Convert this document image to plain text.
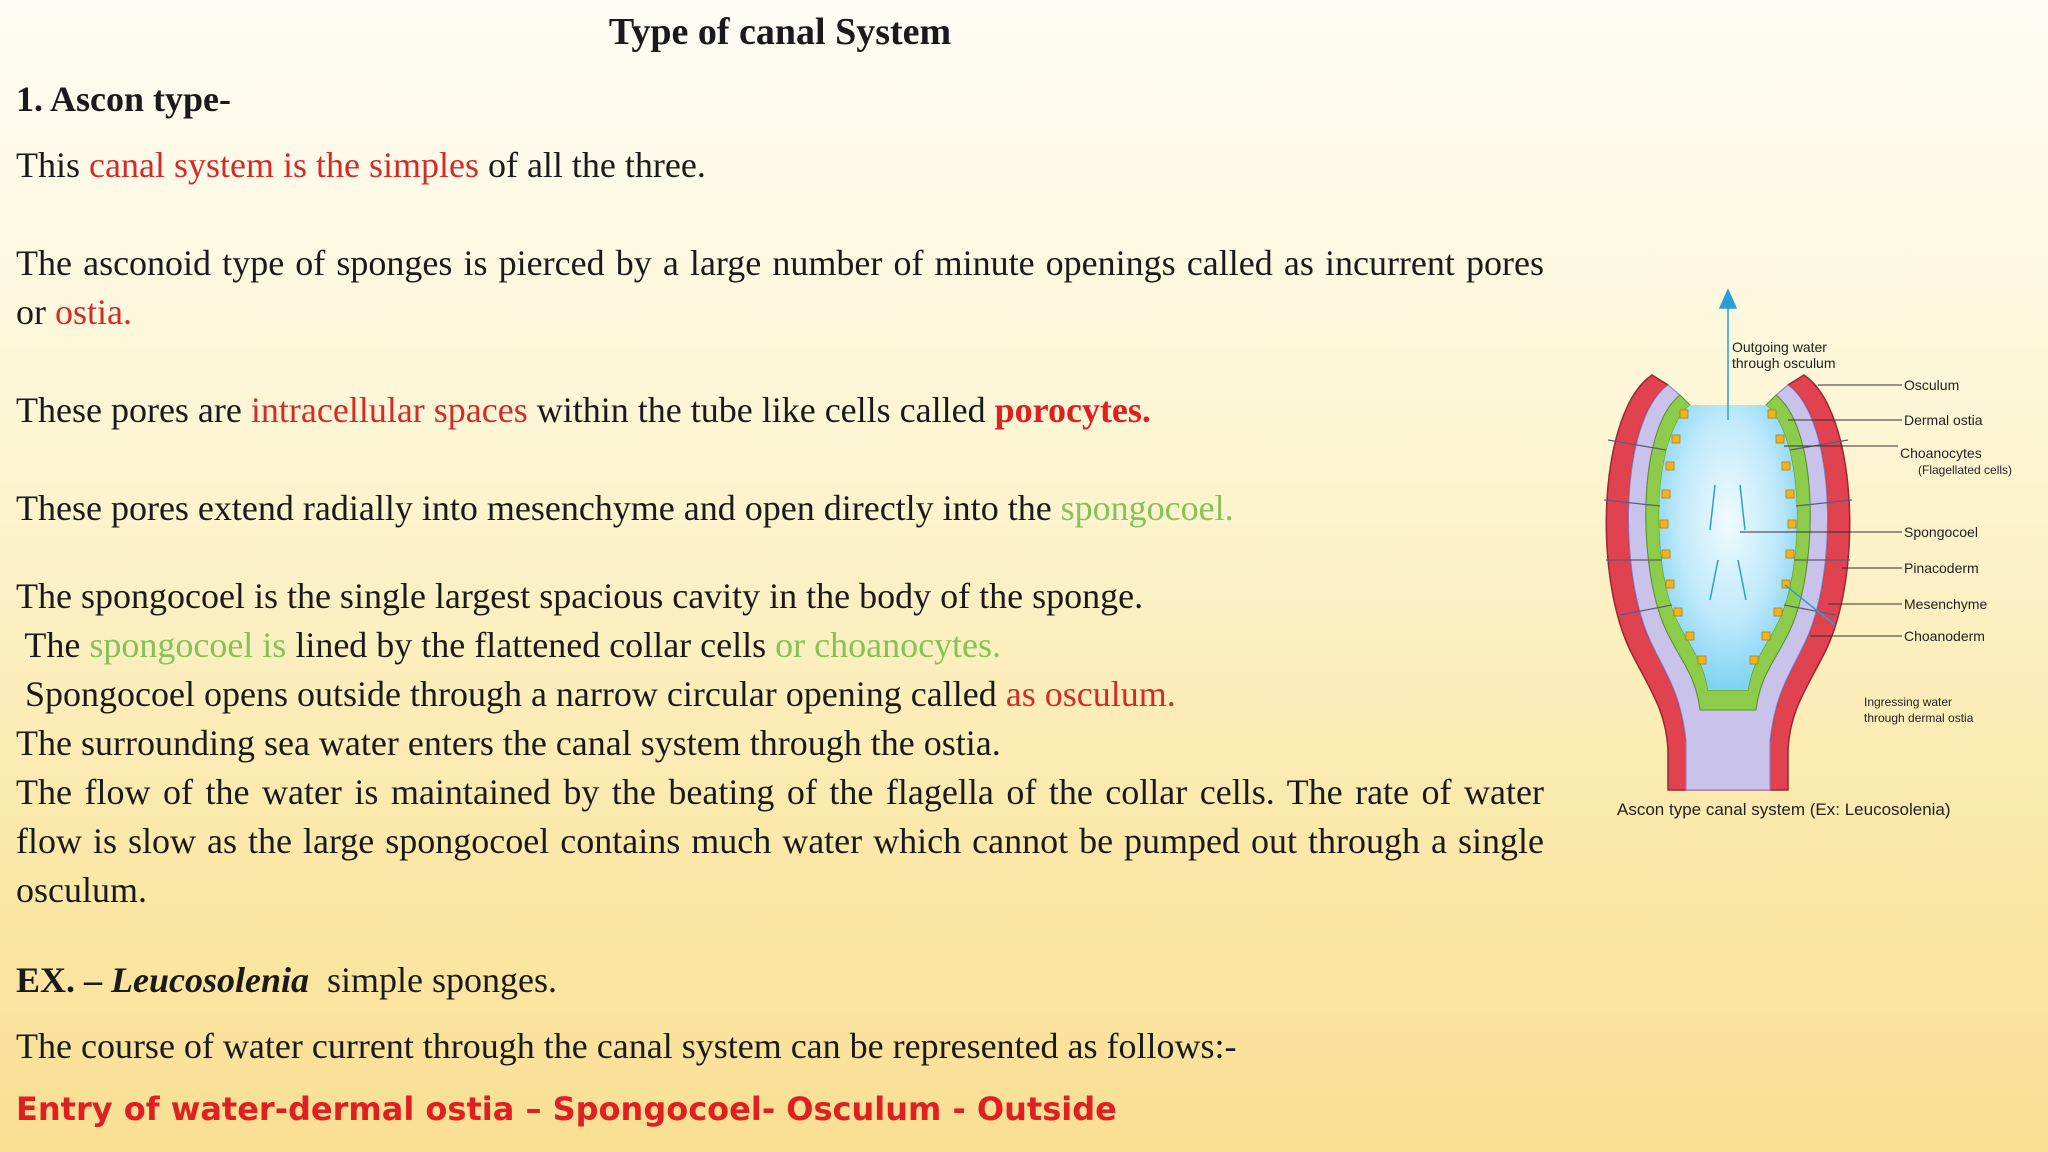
Type of canal System
1. Ascon type-
This canal system is the simples of all the three.
The asconoid type of sponges is pierced by a large number of minute openings called as incurrent pores or ostia.
These pores are intracellular spaces within the tube like cells called porocytes.
These pores extend radially into mesenchyme and open directly into the spongocoel.
The spongocoel is the single largest spacious cavity in the body of the sponge.
The spongocoel is lined by the flattened collar cells or choanocytes.
Spongocoel opens outside through a narrow circular opening called as osculum.
The surrounding sea water enters the canal system through the ostia.
The flow of the water is maintained by the beating of the flagella of the collar cells. The rate of water flow is slow as the large spongocoel contains much water which cannot be pumped out through a single osculum.
EX. – Leucosolenia  simple sponges.
The course of water current through the canal system can be represented as follows:-
Entry of water-dermal ostia – Spongocoel- Osculum - Outside
Outgoing water
through osculum
Osculum
Dermal ostia
Choanocytes
(Flagellated cells)
Spongocoel
Pinacoderm
Mesenchyme
Choanoderm
Ingressing water
through dermal ostia
Ascon type canal system (Ex: Leucosolenia)
